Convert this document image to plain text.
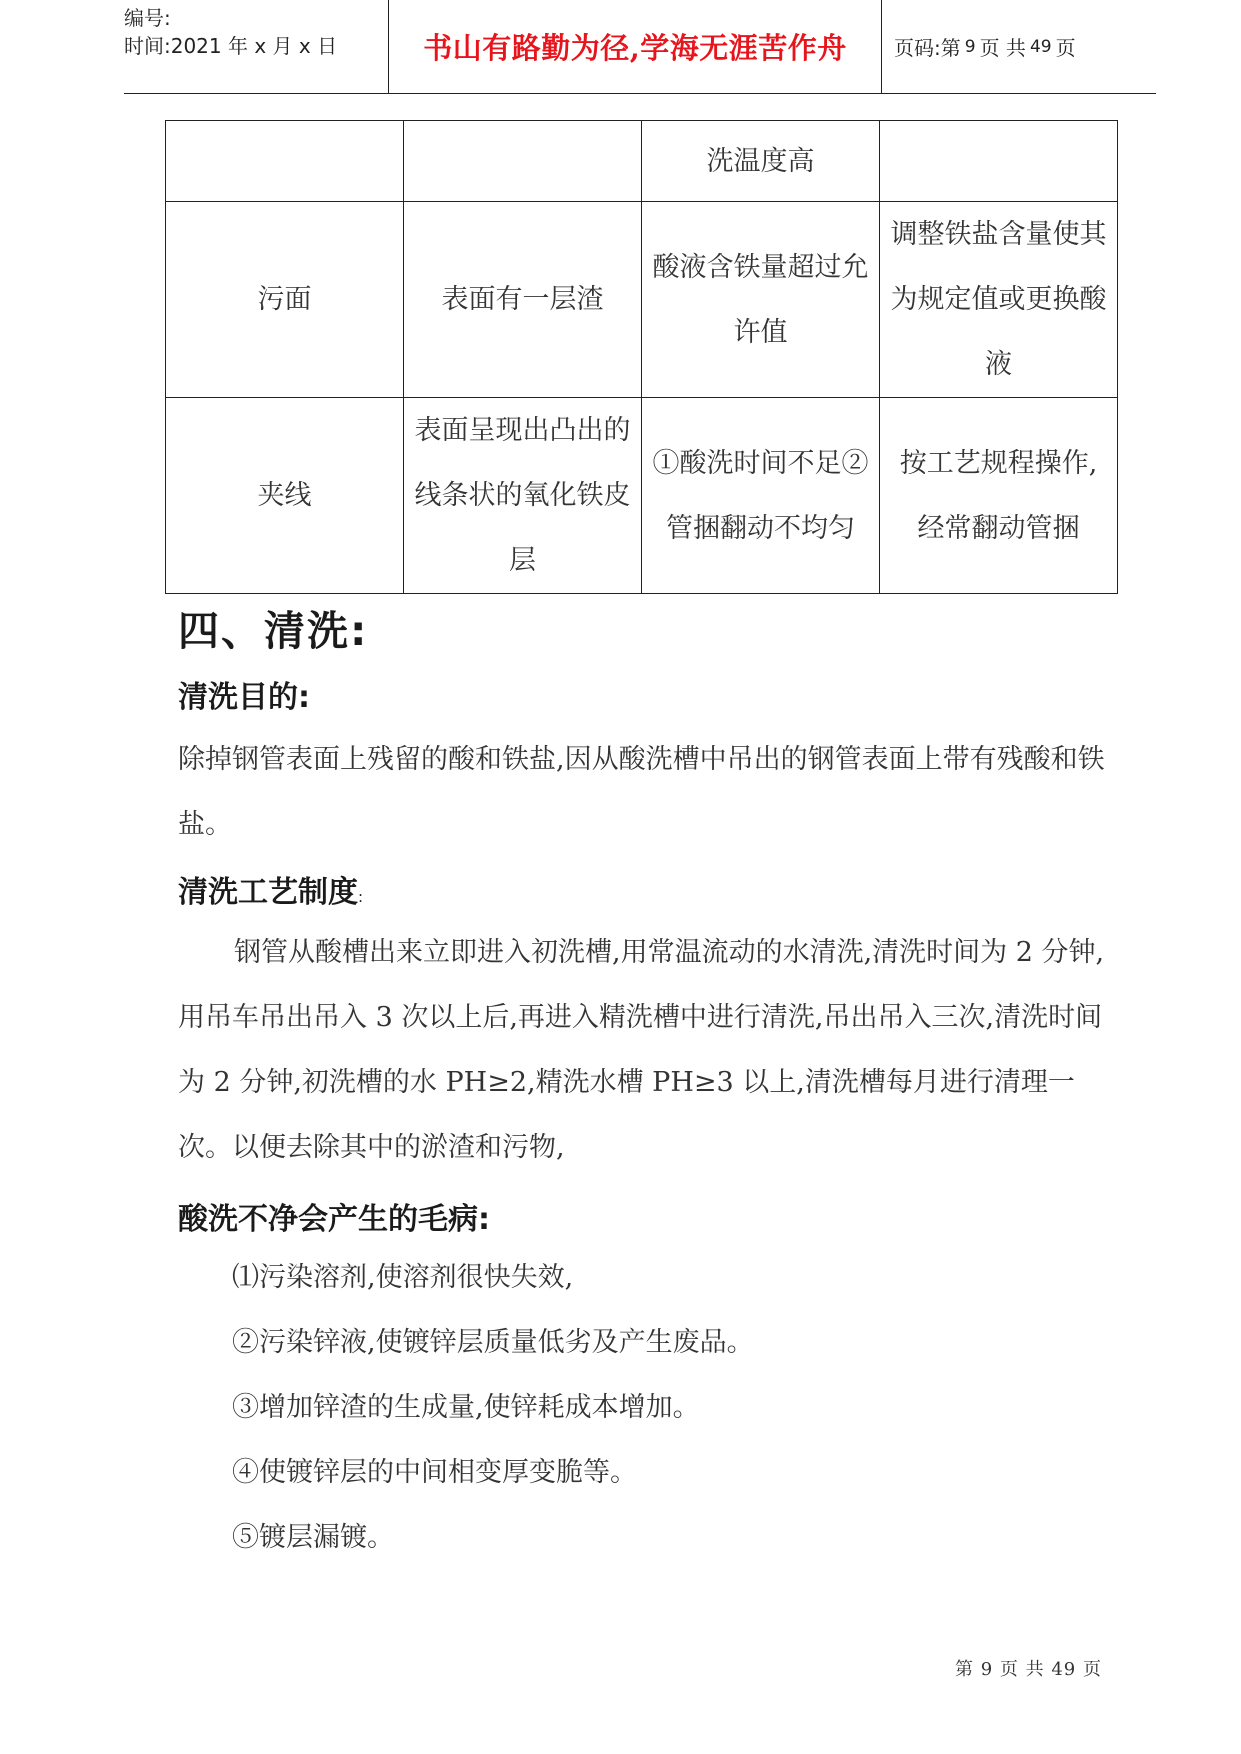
编号:
时间:2021 年 x 月 x 日	书山有路勤为径,学海无涯苦作舟	页码:第 9 页 共 49 页
		洗温度高	
污面	表面有一层渣	酸液含铁量超过允许值	调整铁盐含量使其为规定值或更换酸液
夹线	表面呈现出凸出的线条状的氧化铁皮层	①酸洗时间不足②管捆翻动不均匀	按工艺规程操作,经常翻动管捆
四、清洗:
清洗目的:
除掉钢管表面上残留的酸和铁盐,因从酸洗槽中吊出的钢管表面上带有残酸和铁盐。
清洗工艺制度:
钢管从酸槽出来立即进入初洗槽,用常温流动的水清洗,清洗时间为 2 分钟,用吊车吊出吊入 3 次以上后,再进入精洗槽中进行清洗,吊出吊入三次,清洗时间为 2 分钟,初洗槽的水 PH≥2,精洗水槽 PH≥3 以上,清洗槽每月进行清理一次。以便去除其中的淤渣和污物,
酸洗不净会产生的毛病:
⑴污染溶剂,使溶剂很快失效,
②污染锌液,使镀锌层质量低劣及产生废品。
③增加锌渣的生成量,使锌耗成本增加。
④使镀锌层的中间相变厚变脆等。
⑤镀层漏镀。
第 9 页 共 49 页
